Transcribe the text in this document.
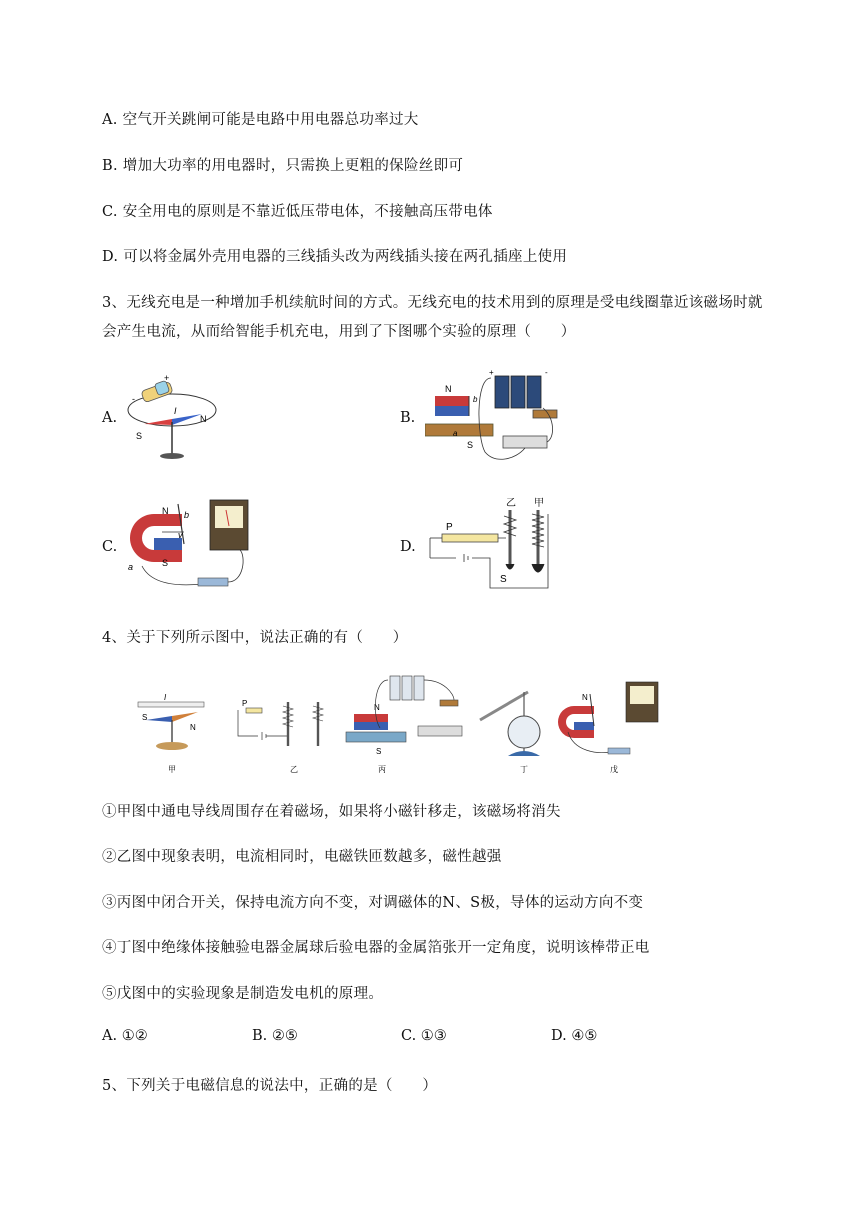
A. 空气开关跳闸可能是电路中用电器总功率过大
B. 增加大功率的用电器时，只需换上更粗的保险丝即可
C. 安全用电的原则是不靠近低压带电体，不接触高压带电体
D. 可以将金属外壳用电器的三线插头改为两线插头接在两孔插座上使用
3、无线充电是一种增加手机续航时间的方式。无线充电的技术用到的原理是受电线圈靠近该磁场时就
会产生电流，从而给智能手机充电，用到了下图哪个实验的原理（　　）
A.	B.
C.	D.
+
-
I
S
N
+	-
N
S
a
b
N
S
a
b
v
乙 甲
P
S
4、关于下列所示图中，说法正确的有（　　）
I
S
N
甲
P
乙
N
S
丙	丁
N
戊
①甲图中通电导线周围存在着磁场，如果将小磁针移走，该磁场将消失
②乙图中现象表明，电流相同时，电磁铁匝数越多，磁性越强
③丙图中闭合开关，保持电流方向不变，对调磁体的N、S极，导体的运动方向不变
④丁图中绝缘体接触验电器金属球后验电器的金属箔张开一定角度，说明该棒带正电
⑤戊图中的实验现象是制造发电机的原理。
A. ①②	B. ②⑤	C. ①③	D. ④⑤
5、下列关于电磁信息的说法中，正确的是（　　）
